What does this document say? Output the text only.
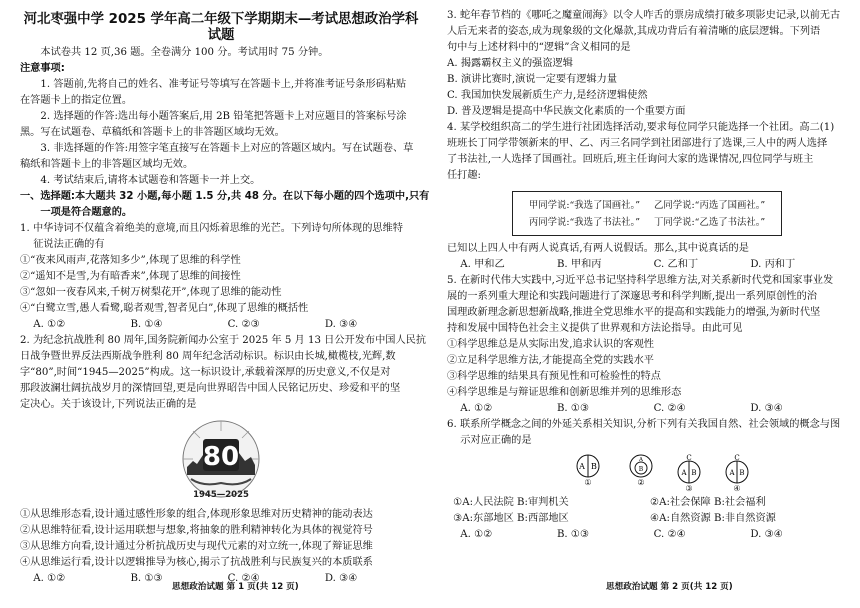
河北枣强中学 2025 学年高二年级下学期期末—考试思想政治学科试题
本试卷共 12 页,36 题。全卷满分 100 分。考试用时 75 分钟。
注意事项:
1. 答题前,先将自己的姓名、准考证号等填写在答题卡上,并将准考证号条形码粘贴
在答题卡上的指定位置。
2. 选择题的作答:选出每小题答案后,用 2B 铅笔把答题卡上对应题目的答案标号涂
黑。写在试题卷、草稿纸和答题卡上的非答题区域均无效。
3. 非选择题的作答:用签字笔直接写在答题卡上对应的答题区域内。写在试题卷、草
稿纸和答题卡上的非答题区域均无效。
4. 考试结束后,请将本试题卷和答题卡一并上交。
一、选择题:本大题共 32 小题,每小题 1.5 分,共 48 分。在以下每小题的四个选项中,只有
一项是符合题意的。
1. 中华诗词不仅蕴含着绝美的意境,而且闪烁着思维的光芒。下列诗句所体现的思维特
征说法正确的有
①“夜来风雨声,花落知多少”,体现了思维的科学性
②“遥知不是雪,为有暗香来”,体现了思维的间接性
③“忽如一夜春风来,千树万树梨花开”,体现了思维的能动性
④“白鹭立雪,愚人看鹭,聪者观雪,智者见白”,体现了思维的概括性
A. ①②	B. ①④	C. ②③	D. ③④
2. 为纪念抗战胜利 80 周年,国务院新闻办公室于 2025 年 5 月 13 日公开发布中国人民抗
日战争暨世界反法西斯战争胜利 80 周年纪念活动标识。标识由长城,橄榄枝,光辉,数
字“80”,时间“1945—2025”构成。这一标识设计,承载着深厚的历史意义,不仅是对
那段波澜壮阔抗战岁月的深情回望,更是向世界昭告中国人民铭记历史、珍爱和平的坚
定决心。关于该设计,下列说法正确的是
80
1945—2025
①从思维形态看,设计通过感性形象的组合,体现形象思维对历史精神的能动表达
②从思维特征看,设计运用联想与想象,将抽象的胜利精神转化为具体的视觉符号
③从思维方向看,设计通过分析抗战历史与现代元素的对立统一,体现了辩证思维
④从思维运行看,设计以逻辑推导为核心,揭示了抗战胜利与民族复兴的本质联系
A. ①②	B. ①③	C. ②④	D. ③④
思想政治试题 第 1 页(共 12 页)
3. 蛇年春节档的《哪吒之魔童闹海》以令人咋舌的票房成绩打破多项影史记录,以前无古
人后无来者的姿态,成为现象级的文化爆款,其成功背后有着清晰的底层逻辑。下列语
句中与上述材料中的“逻辑”含义相同的是
A. 揭露霸权主义的强盗逻辑
B. 演讲比赛时,演说一定要有逻辑力量
C. 我国加快发展新质生产力,是经济逻辑使然
D. 普及逻辑是提高中华民族文化素质的一个重要方面
4. 某学校组织高二的学生进行社团选择活动,要求每位同学只能选择一个社团。高二(1)
班班长丁同学带领新来的甲、乙、丙三名同学到社团部进行了选课,三人中的两人选择
了书法社,一人选择了国画社。回班后,班主任询问大家的选课情况,四位同学与班主
任打趣:
甲同学说:“我选了国画社。” 乙同学说:“丙选了国画社。”
丙同学说:“我选了书法社。” 丁同学说:“乙选了书法社。”
已知以上四人中有两人说真话,有两人说假话。那么,其中说真话的是
A. 甲和乙	B. 甲和丙	C. 乙和丁	D. 丙和丁
5. 在新时代伟大实践中,习近平总书记坚持科学思维方法,对关系新时代党和国家事业发
展的一系列重大理论和实践问题进行了深邃思考和科学判断,提出一系列原创性的治
国理政新理念新思想新战略,推进全党思维水平的提高和实践能力的增强,为新时代坚
持和发展中国特色社会主义提供了世界观和方法论指导。由此可见
①科学思维总是从实际出发,追求认识的客观性
②立足科学思维方法,才能提高全党的实践水平
③科学思维的结果具有预见性和可检验性的特点
④科学思维是与辩证思维和创新思维并列的思维形态
A. ①②	B. ①③	C. ②④	D. ③④
6. 联系所学概念之间的外延关系相关知识,分析下列有关我国自然、社会领域的概念与图
示对应正确的是
A B
①
A
B
②
C
A B
③
C
A B
④
①A:人民法院 B:审判机关	②A:社会保障 B:社会福利
③A:东部地区 B:西部地区	④A:自然资源 B:非自然资源
A. ①②	B. ①③	C. ②④	D. ③④
思想政治试题 第 2 页(共 12 页)
